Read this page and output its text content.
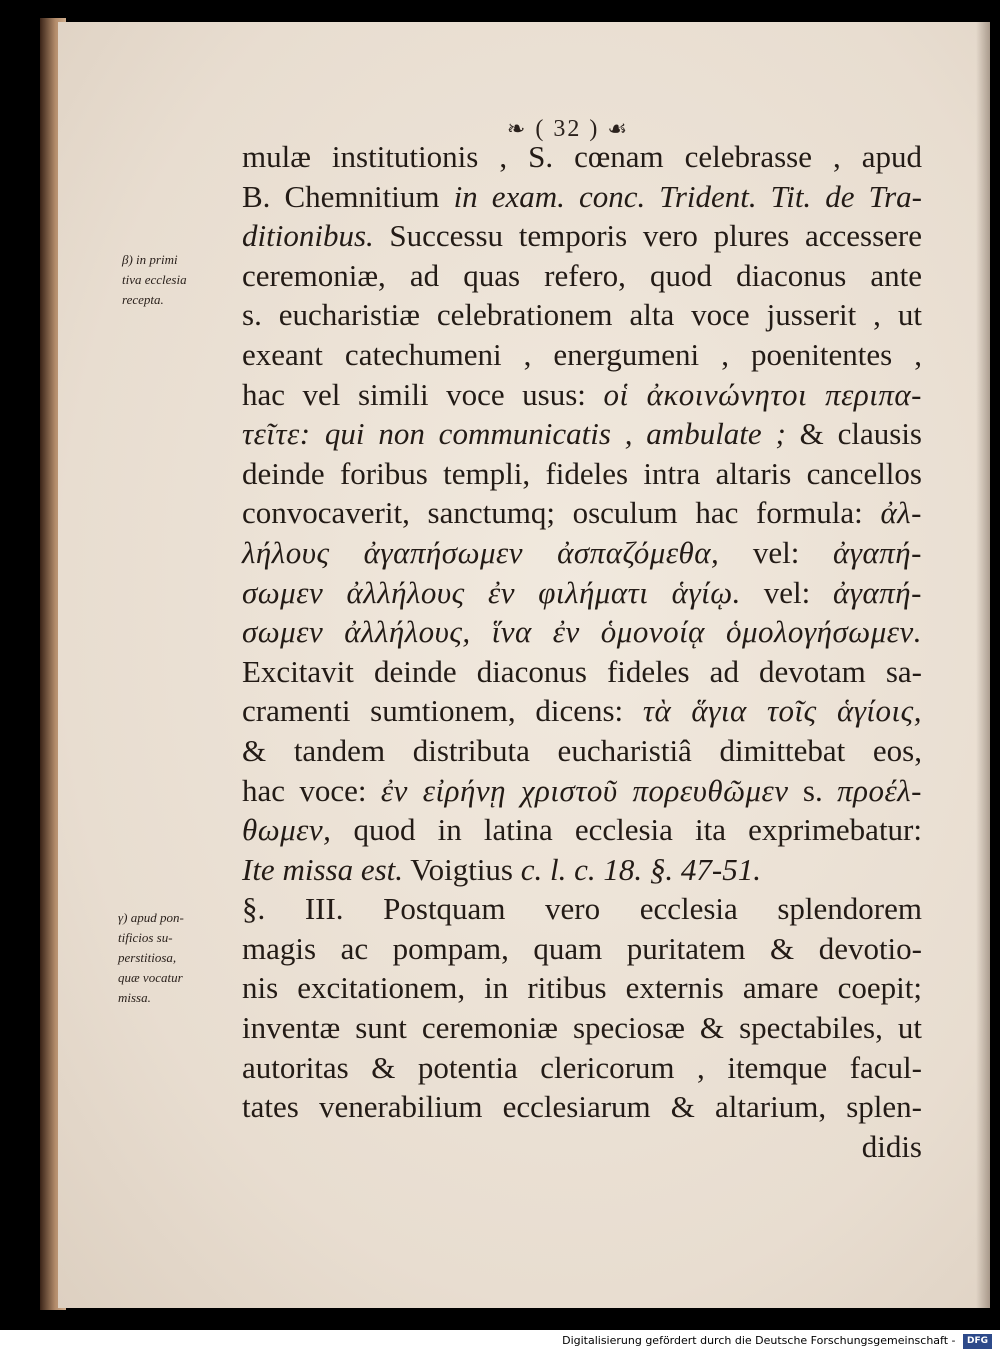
❧ ( 32 ) ☙
β) in primi
tiva ecclesia
recepta.
γ) apud pon-
tificios su-
perstitiosa,
quæ vocatur
missa.
mulæ institutionis , S. cœnam celebrasse , apud
B. Chemnitium in exam. conc. Trident. Tit. de Tra-
ditionibus. Successu temporis vero plures accessere
ceremoniæ, ad quas refero, quod diaconus ante
s. eucharistiæ celebrationem alta voce jusserit , ut
exeant catechumeni , energumeni , poenitentes ,
hac vel simili voce usus: οἱ ἀκοινώνητοι περιπα-
τεῖτε: qui non communicatis , ambulate ; & clausis
deinde foribus templi, fideles intra altaris cancellos
convocaverit, sanctumq; osculum hac formula: ἀλ-
λήλους ἀγαπήσωμεν ἀσπαζόμεθα, vel: ἀγαπή-
σωμεν ἀλλήλους ἐν φιλήματι ἁγίῳ. vel: ἀγαπή-
σωμεν ἀλλήλους, ἵνα ἐν ὁμονοίᾳ ὁμολογήσωμεν.
Excitavit deinde diaconus fideles ad devotam sa-
cramenti sumtionem, dicens: τὰ ἅγια τοῖς ἁγίοις,
& tandem distributa eucharistiâ dimittebat eos,
hac voce: ἐν εἰρήνῃ χριστοῦ πορευθῶμεν s. προέλ-
θωμεν, quod in latina ecclesia ita exprimebatur:
Ite missa est. Voigtius c. l. c. 18. §. 47-51.
§. III. Postquam vero ecclesia splendorem
magis ac pompam, quam puritatem & devotio-
nis excitationem, in ritibus externis amare coepit;
inventæ sunt ceremoniæ speciosæ & spectabiles, ut
autoritas & potentia clericorum , itemque facul-
tates venerabilium ecclesiarum & altarium, splen-
didis
Digitalisierung gefördert durch die Deutsche Forschungsgemeinschaft - DFG
